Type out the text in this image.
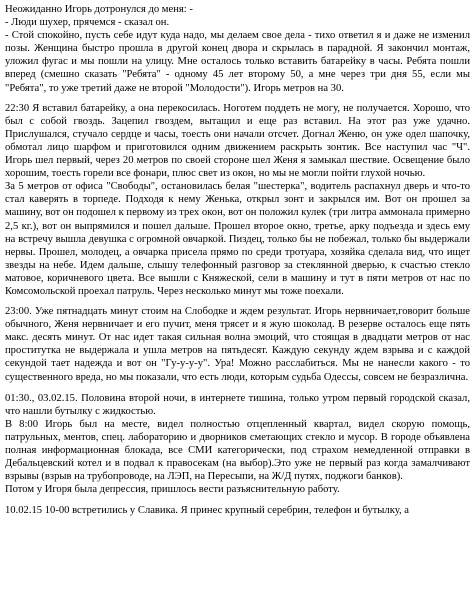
Неожиданно Игорь дотронулся до меня: -
- Люди шухер, прячемся - сказал он.
- Стой спокойно, пусть себе идут куда надо, мы делаем свое дела - тихо ответил я и даже не изменил позы. Женщина быстро прошла в другой конец двора и скрылась в парадной. Я закончил монтаж, уложил фугас и мы пошли на улицу. Мне осталось только вставить батарейку в часы. Ребята пошли вперед (смешно сказать "Ребята" - одному 45 лет второму 50, а мне через три дня 55, если мы "Ребята", то уже третий даже не второй "Молодости"). Игорь метров на 30.

22:30 Я вставил батарейку, а она перекосилась. Ноготем поддеть не могу, не получается. Хорошо, что был с собой гвоздь. Зацепил гвоздем, вытащил и еще раз вставил. На этот раз уже удачно. Прислушался, стучало сердце и часы, тоесть они начали отсчет. Догнал Женю, он уже одел шапочку, обмотал лицо шарфом и приготовился одним движением раскрыть зонтик. Все наступил час "Ч". Игорь шел первый, через 20 метров по своей стороне шел Женя я замыкал шествие. Освещение было хорошим, тоесть горели все фонари, плюс свет из окон, но мы не могли пойти глухой ночью.
За 5 метров от офиса "Свободы", остановилась белая "шестерка", водитель распахнул дверь и что-то стал каверять в торпеде. Подходя к нему Женька, открыл зонт и закрылся им. Вот он прошел за машину, вот он подошел к первому из трех окон, вот он положил кулек (три литра аммонала примерно 2,5 кг.), вот он выпрямился и пошел дальше. Прошел второе окно, третье, арку подъезда и здесь ему на встречу вышла девушка с огромной овчаркой. Пиздец, только бы не побежал, только бы выдержали нервы. Прошел, молодец, а овчарка присела прямо по среди тротуара, хозяйка сделала вид, что ищет звезды на небе. Идем дальше, слышу телефонный разговор за стеклянной дверью, к счастью стекло матовое, коричневого цвета. Все вышли с Княжеской, сели в машину и тут в пяти метров от нас по Комсомольской проехал патруль. Через несколько минут мы тоже поехали.

23:00. Уже пятнадцать минут стоим на Слободке и ждем результат. Игорь нервничает,говорит больше обычного, Женя нервничает и его пучит, меня трясет и я жую шоколад. В резерве осталось еще пять макс. десять минут. От нас идет такая сильная волна эмоций, что стоящая в двадцати метров от нас проститутка не выдержала и ушла метров на пятьдесят. Каждую секунду ждем взрыва и с каждой секундой тает надежда и вот он "Гу-у-у-у". Ура! Можно расслабиться. Мы не нанесли какого - то существенного вреда, но мы показали, что есть люди, которым судьба Одессы, совсем не безразлична.

01:30., 03.02.15. Половина второй ночи, в интернете тишина, только утром первый городской сказал, что нашли бутылку с жидкостью.
В 8:00 Игорь был на месте, видел полностью отцепленный квартал, видел скорую помощь, патрульных, ментов, спец. лабораторию и дворников сметающих стекло и мусор. В городе объявлена полная информационная блокада, все СМИ категорически, под страхом немедленной отправки в Дебальцевский котел и в подвал к правосекам (на выбор).Это уже не первый раз когда замалчивают взрывы (взрыв на трубопроводе, на ЛЭП, на Пересыпи, на Ж/Д путях, поджоги банков).
Потом у Игоря была депрессия, пришлось вести разъяснительную работу.

10.02.15 10-00 встретились у Славика. Я принес крупный серебрин, телефон и бутылку, а
